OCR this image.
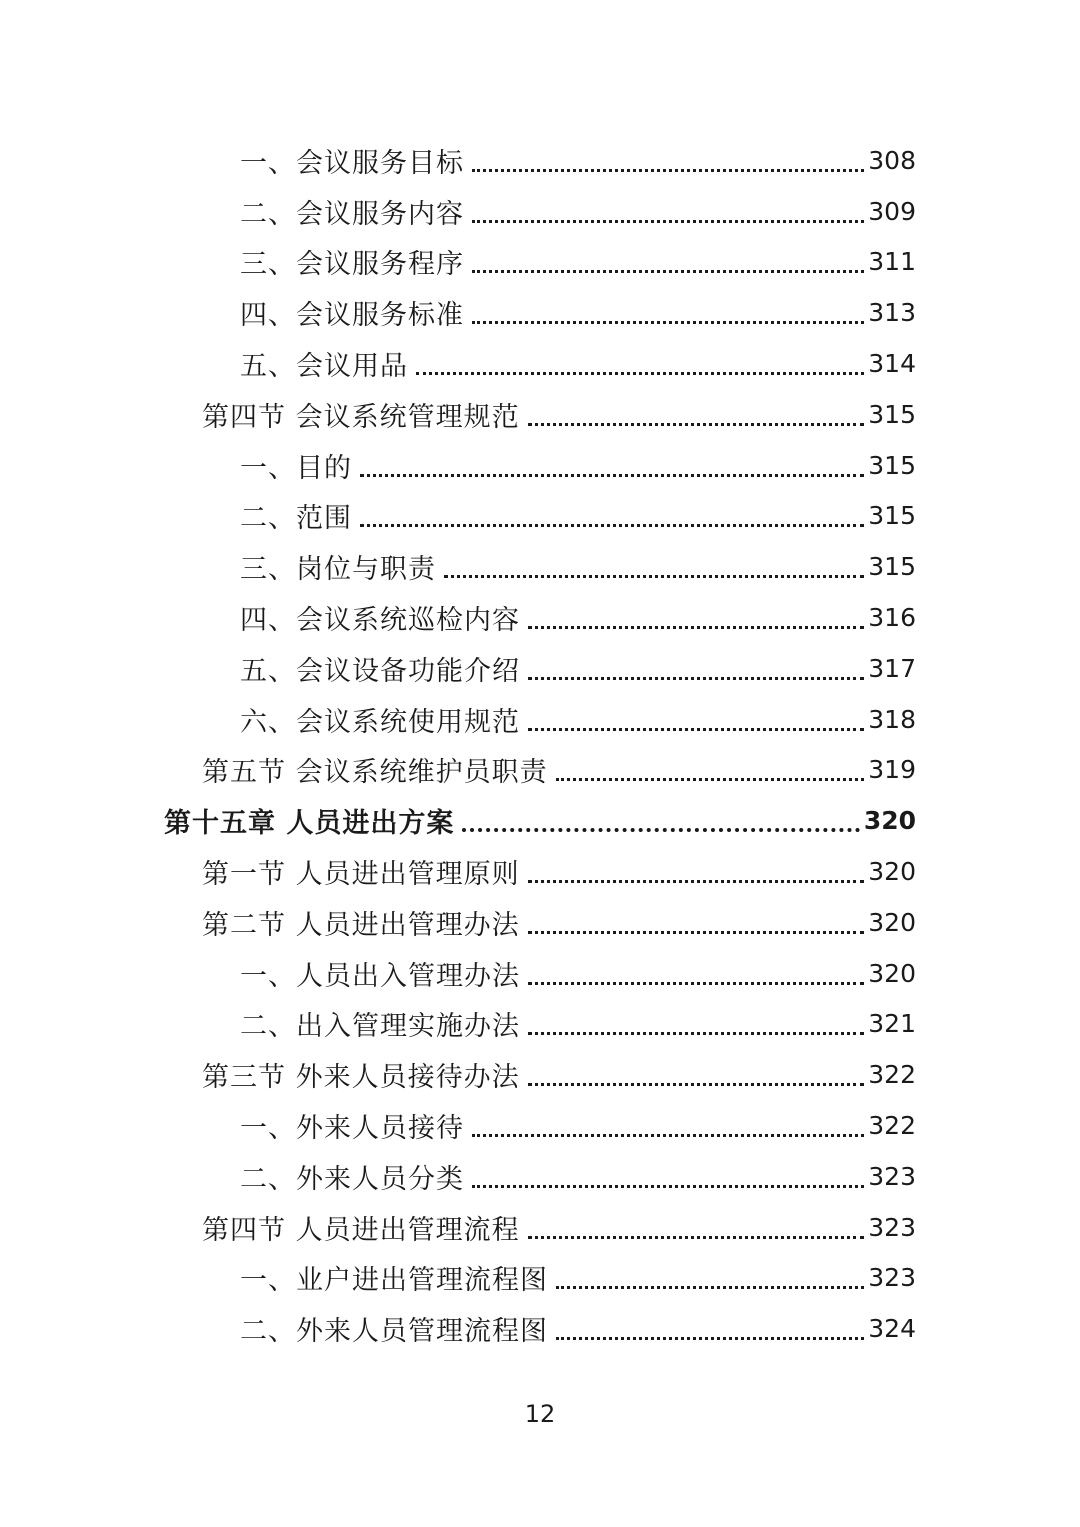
一、会议服务目标	308
二、会议服务内容	309
三、会议服务程序	311
四、会议服务标准	313
五、会议用品	314
第四节 会议系统管理规范	315
一、目的	315
二、范围	315
三、岗位与职责	315
四、会议系统巡检内容	316
五、会议设备功能介绍	317
六、会议系统使用规范	318
第五节 会议系统维护员职责	319
第十五章 人员进出方案	320
第一节 人员进出管理原则	320
第二节 人员进出管理办法	320
一、人员出入管理办法	320
二、出入管理实施办法	321
第三节 外来人员接待办法	322
一、外来人员接待	322
二、外来人员分类	323
第四节 人员进出管理流程	323
一、业户进出管理流程图	323
二、外来人员管理流程图	324
12
